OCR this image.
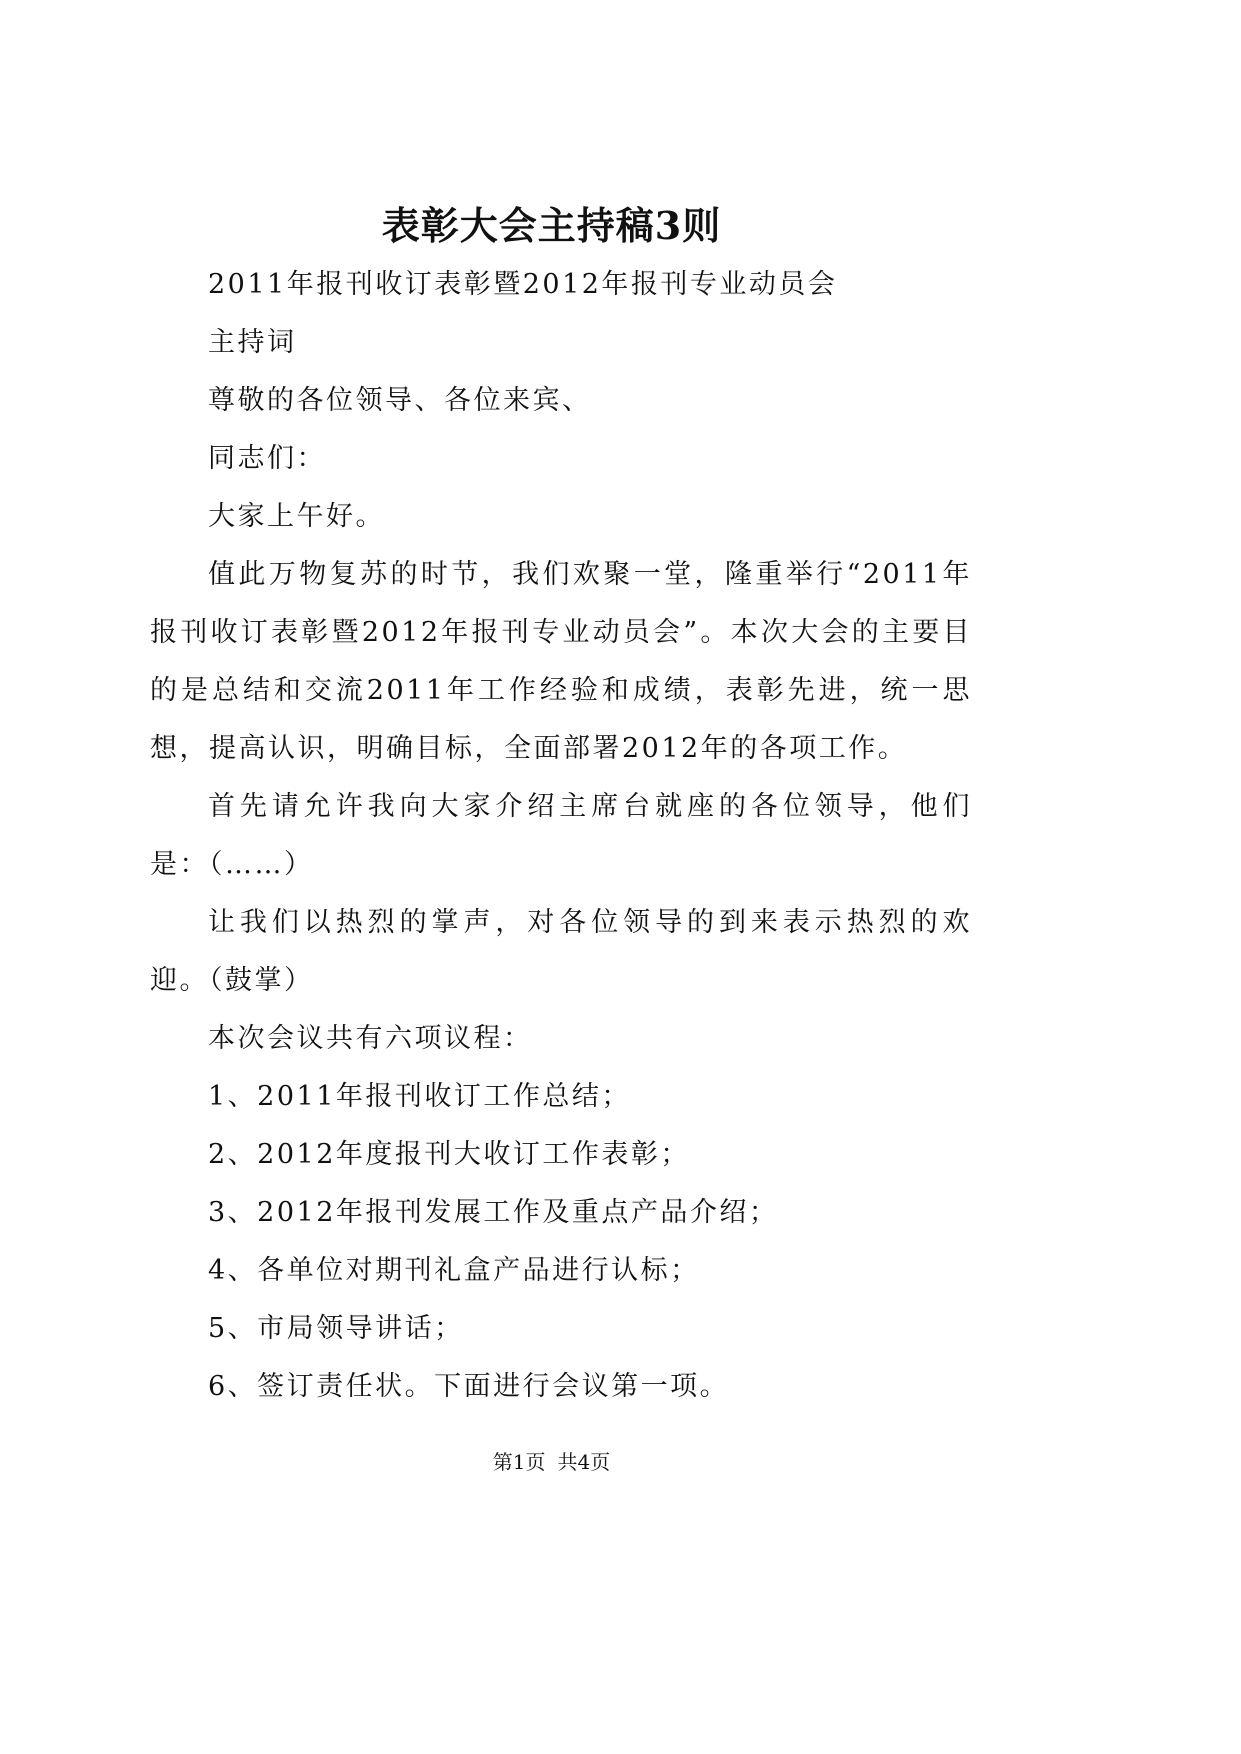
表彰大会主持稿3则

2011年报刊收订表彰暨2012年报刊专业动员会

主持词

尊敬的各位领导、各位来宾、

同志们：

大家上午好。

值此万物复苏的时节，我们欢聚一堂，隆重举行“2011年报刊收订表彰暨2012年报刊专业动员会”。本次大会的主要目的是总结和交流2011年工作经验和成绩，表彰先进，统一思想，提高认识，明确目标，全面部署2012年的各项工作。

首先请允许我向大家介绍主席台就座的各位领导，他们是：（……）

让我们以热烈的掌声，对各位领导的到来表示热烈的欢迎。（鼓掌）

本次会议共有六项议程：

1、2011年报刊收订工作总结；

2、2012年度报刊大收订工作表彰；

3、2012年报刊发展工作及重点产品介绍；

4、各单位对期刊礼盒产品进行认标；

5、市局领导讲话；

6、签订责任状。下面进行会议第一项。

第1页 共4页
